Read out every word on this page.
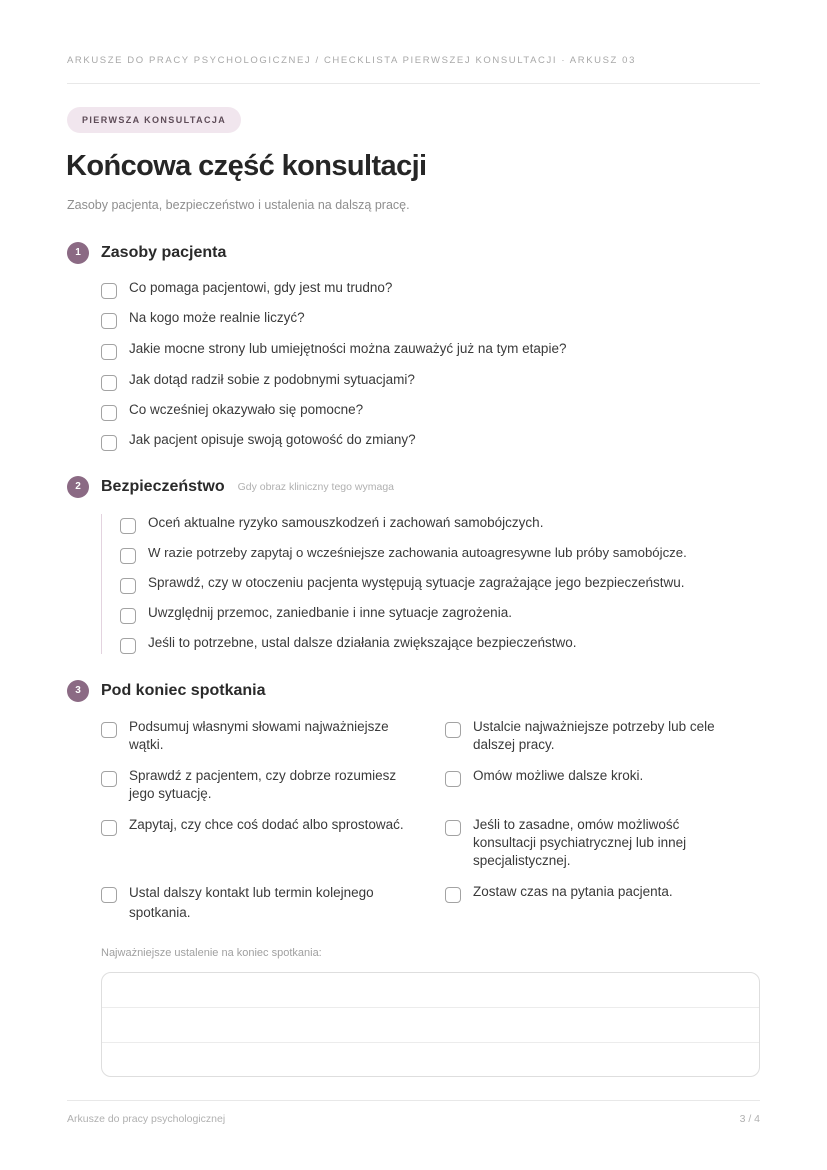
ARKUSZE DO PRACY PSYCHOLOGICZNEJ / CHECKLISTA PIERWSZEJ KONSULTACJI · ARKUSZ 03
PIERWSZA KONSULTACJA
Końcowa część konsultacji
Zasoby pacjenta, bezpieczeństwo i ustalenia na dalszą pracę.
1	Zasoby pacjenta
Co pomaga pacjentowi, gdy jest mu trudno?
Na kogo może realnie liczyć?
Jakie mocne strony lub umiejętności można zauważyć już na tym etapie?
Jak dotąd radził sobie z podobnymi sytuacjami?
Co wcześniej okazywało się pomocne?
Jak pacjent opisuje swoją gotowość do zmiany?
2	Bezpieczeństwo Gdy obraz kliniczny tego wymaga
Oceń aktualne ryzyko samouszkodzeń i zachowań samobójczych.
W razie potrzeby zapytaj o wcześniejsze zachowania autoagresywne lub próby samobójcze.
Sprawdź, czy w otoczeniu pacjenta występują sytuacje zagrażające jego bezpieczeństwu.
Uwzględnij przemoc, zaniedbanie i inne sytuacje zagrożenia.
Jeśli to potrzebne, ustal dalsze działania zwiększające bezpieczeństwo.
3	Pod koniec spotkania
Podsumuj własnymi słowami najważniejsze wątki.
Ustalcie najważniejsze potrzeby lub cele dalszej pracy.
Sprawdź z pacjentem, czy dobrze rozumiesz jego sytuację.
Omów możliwe dalsze kroki.
Zapytaj, czy chce coś dodać albo sprostować.	Jeśli to zasadne, omów możliwość konsultacji psychiatrycznej lub innej specjalistycznej.
Ustal dalszy kontakt lub termin kolejnego spotkania.
Zostaw czas na pytania pacjenta.
Najważniejsze ustalenie na koniec spotkania:
Arkusze do pracy psychologicznej	3 / 4
